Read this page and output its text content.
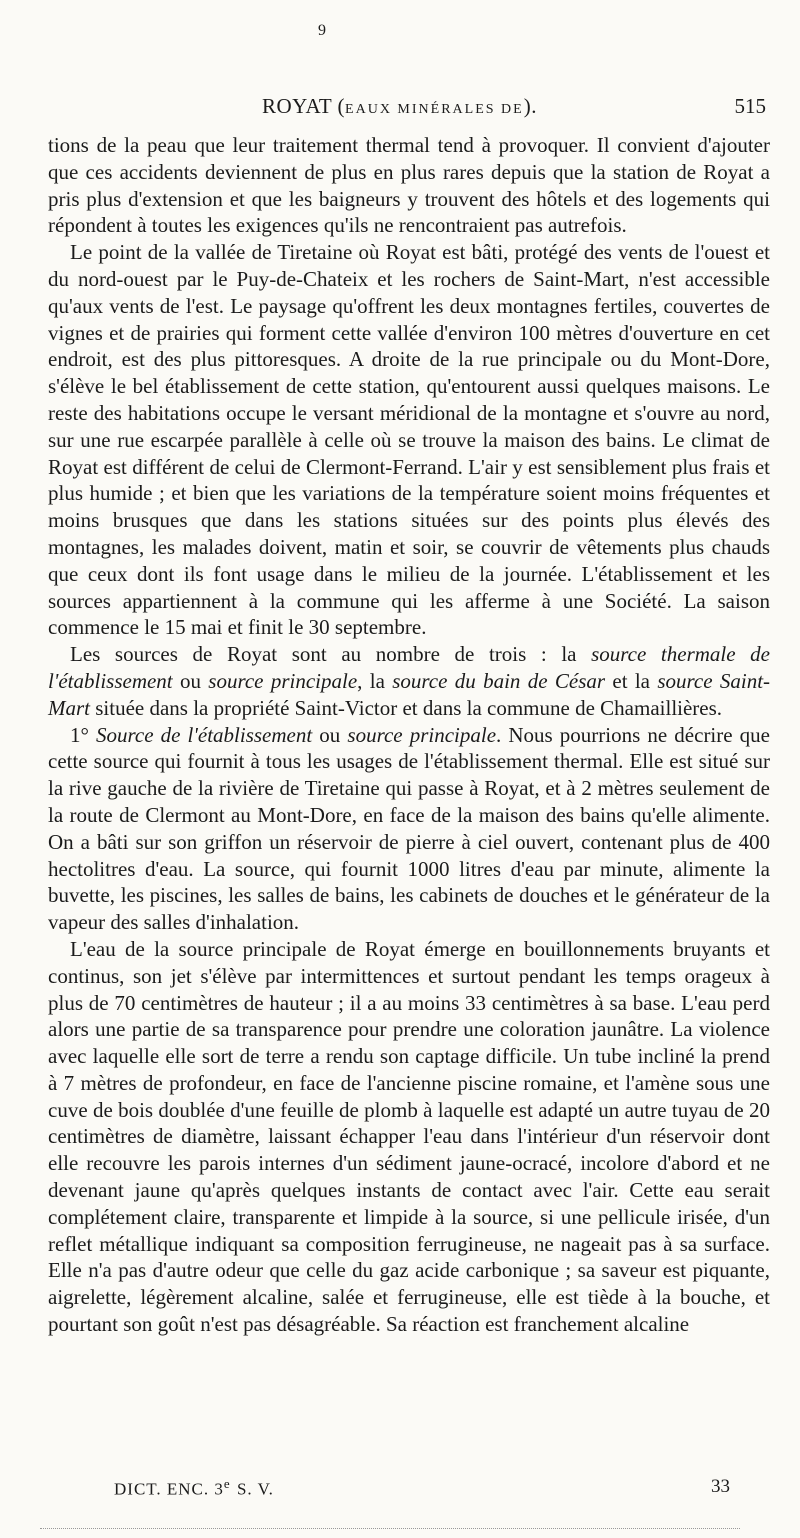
9
ROYAT (EAUX MINÉRALES DE).	515

tions de la peau que leur traitement thermal tend à provoquer. Il convient d'ajouter que ces accidents deviennent de plus en plus rares depuis que la station de Royat a pris plus d'extension et que les baigneurs y trouvent des hôtels et des logements qui répondent à toutes les exigences qu'ils ne rencontraient pas autrefois.

Le point de la vallée de Tiretaine où Royat est bâti, protégé des vents de l'ouest et du nord-ouest par le Puy-de-Chateix et les rochers de Saint-Mart, n'est accessible qu'aux vents de l'est. Le paysage qu'offrent les deux montagnes fertiles, couvertes de vignes et de prairies qui forment cette vallée d'environ 100 mètres d'ouverture en cet endroit, est des plus pittoresques. A droite de la rue principale ou du Mont-Dore, s'élève le bel établissement de cette station, qu'entourent aussi quelques maisons. Le reste des habitations occupe le versant méridional de la montagne et s'ouvre au nord, sur une rue escarpée parallèle à celle où se trouve la maison des bains. Le climat de Royat est différent de celui de Clermont-Ferrand. L'air y est sensiblement plus frais et plus humide ; et bien que les variations de la température soient moins fréquentes et moins brusques que dans les stations situées sur des points plus élevés des montagnes, les malades doivent, matin et soir, se couvrir de vêtements plus chauds que ceux dont ils font usage dans le milieu de la journée. L'établissement et les sources appartiennent à la commune qui les afferme à une Société. La saison commence le 15 mai et finit le 30 septembre.

Les sources de Royat sont au nombre de trois : la source thermale de l'établissement ou source principale, la source du bain de César et la source Saint-Mart située dans la propriété Saint-Victor et dans la commune de Chamaillières.

1° Source de l'établissement ou source principale. Nous pourrions ne décrire que cette source qui fournit à tous les usages de l'établissement thermal. Elle est situé sur la rive gauche de la rivière de Tiretaine qui passe à Royat, et à 2 mètres seulement de la route de Clermont au Mont-Dore, en face de la maison des bains qu'elle alimente. On a bâti sur son griffon un réservoir de pierre à ciel ouvert, contenant plus de 400 hectolitres d'eau. La source, qui fournit 1000 litres d'eau par minute, alimente la buvette, les piscines, les salles de bains, les cabinets de douches et le générateur de la vapeur des salles d'inhalation.

L'eau de la source principale de Royat émerge en bouillonnements bruyants et continus, son jet s'élève par intermittences et surtout pendant les temps orageux à plus de 70 centimètres de hauteur ; il a au moins 33 centimètres à sa base. L'eau perd alors une partie de sa transparence pour prendre une coloration jaunâtre. La violence avec laquelle elle sort de terre a rendu son captage difficile. Un tube incliné la prend à 7 mètres de profondeur, en face de l'ancienne piscine romaine, et l'amène sous une cuve de bois doublée d'une feuille de plomb à laquelle est adapté un autre tuyau de 20 centimètres de diamètre, laissant échapper l'eau dans l'intérieur d'un réservoir dont elle recouvre les parois internes d'un sédiment jaune-ocracé, incolore d'abord et ne devenant jaune qu'après quelques instants de contact avec l'air. Cette eau serait complétement claire, transparente et limpide à la source, si une pellicule irisée, d'un reflet métallique indiquant sa composition ferrugineuse, ne nageait pas à sa surface. Elle n'a pas d'autre odeur que celle du gaz acide carbonique ; sa saveur est piquante, aigrelette, légèrement alcaline, salée et ferrugineuse, elle est tiède à la bouche, et pourtant son goût n'est pas désagréable. Sa réaction est franchement alcaline

DICT. ENC. 3e S. V.	33
